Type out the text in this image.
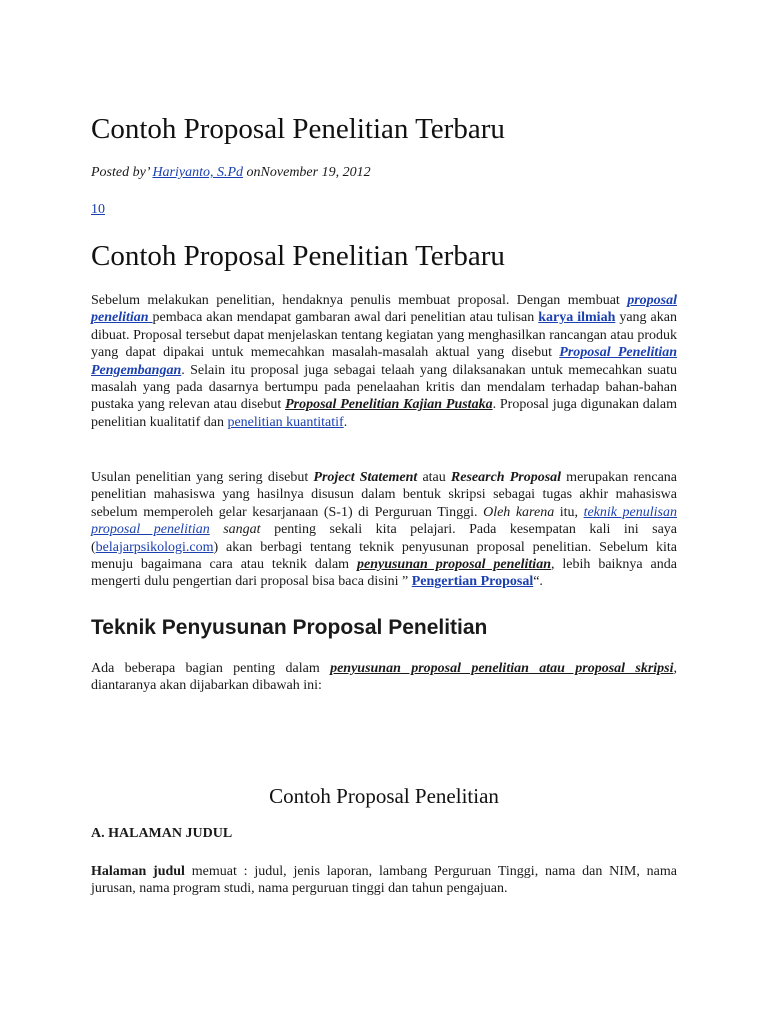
Contoh Proposal Penelitian Terbaru
Posted by’ Hariyanto, S.Pd onNovember 19, 2012
10
Contoh Proposal Penelitian Terbaru

Sebelum melakukan penelitian, hendaknya penulis membuat proposal. Dengan membuat proposal penelitian pembaca akan mendapat gambaran awal dari penelitian atau tulisan karya ilmiah yang akan dibuat. Proposal tersebut dapat menjelaskan tentang kegiatan yang menghasilkan rancangan atau produk yang dapat dipakai untuk memecahkan masalah-masalah aktual yang disebut Proposal Penelitian Pengembangan. Selain itu proposal juga sebagai telaah yang dilaksanakan untuk memecahkan suatu masalah yang pada dasarnya bertumpu pada penelaahan kritis dan mendalam terhadap bahan-bahan pustaka yang relevan atau disebut Proposal Penelitian Kajian Pustaka. Proposal juga digunakan dalam penelitian kualitatif dan penelitian kuantitatif.

Usulan penelitian yang sering disebut Project Statement atau Research Proposal merupakan rencana penelitian mahasiswa yang hasilnya disusun dalam bentuk skripsi sebagai tugas akhir mahasiswa sebelum memperoleh gelar kesarjanaan (S-1) di Perguruan Tinggi. Oleh karena itu, teknik penulisan proposal penelitian sangat penting sekali kita pelajari. Pada kesempatan kali ini saya (belajarpsikologi.com) akan berbagi tentang teknik penyusunan proposal penelitian. Sebelum kita menuju bagaimana cara atau teknik dalam penyusunan proposal penelitian, lebih baiknya anda mengerti dulu pengertian dari proposal bisa baca disini ” Pengertian Proposal“.

Teknik Penyusunan Proposal Penelitian

Ada beberapa bagian penting dalam penyusunan proposal penelitian atau proposal skripsi, diantaranya akan dijabarkan dibawah ini:

Contoh Proposal Penelitian
A. HALAMAN JUDUL

Halaman judul memuat : judul, jenis laporan, lambang Perguruan Tinggi, nama dan NIM, nama jurusan, nama program studi, nama perguruan tinggi dan tahun pengajuan.
